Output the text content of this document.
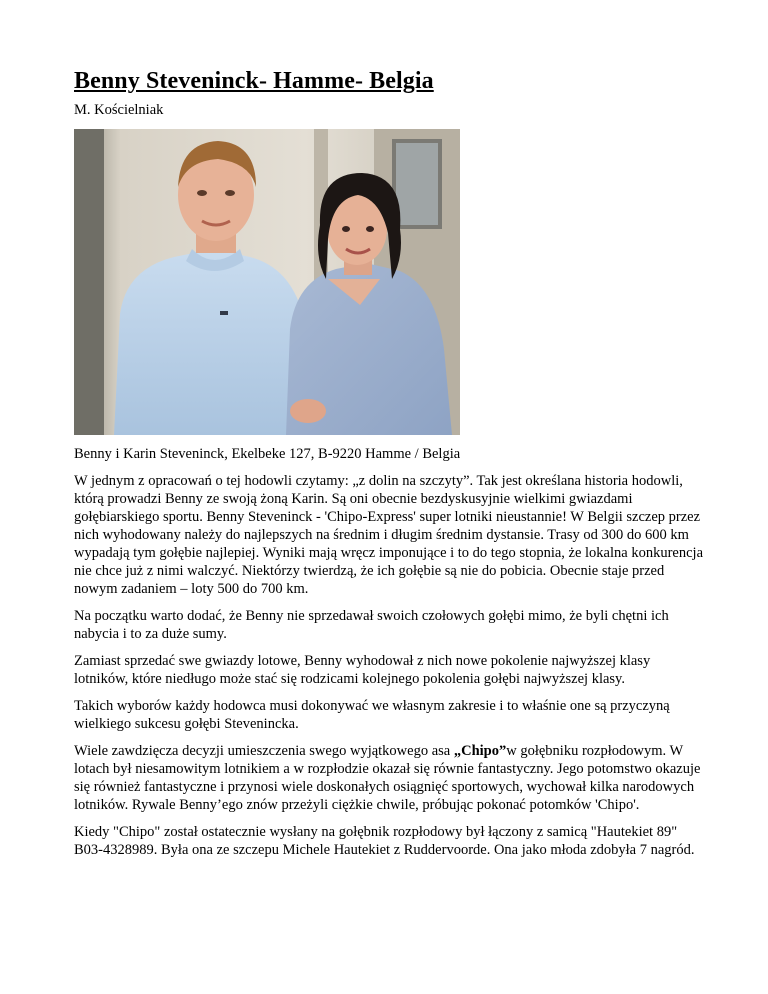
Benny Steveninck- Hamme- Belgia
M. Kościelniak
Benny i Karin Steveninck, Ekelbeke 127, B-9220 Hamme / Belgia

W jednym z opracowań o tej hodowli czytamy: „z dolin na szczyty”. Tak jest określana historia hodowli, którą prowadzi Benny ze swoją żoną Karin. Są oni obecnie bezdyskusyjnie wielkimi gwiazdami gołębiarskiego sportu. Benny Steveninck - 'Chipo-Express' super lotniki nieustannie! W Belgii szczep przez nich wyhodowany należy do najlepszych na średnim i długim średnim dystansie. Trasy od 300 do 600 km wypadają tym gołębie najlepiej. Wyniki mają wręcz imponujące i to do tego stopnia, że lokalna konkurencja nie chce już z nimi walczyć. Niektórzy twierdzą, że ich gołębie są nie do pobicia. Obecnie staje przed nowym zadaniem – loty 500 do 700 km.

Na początku warto dodać, że Benny nie sprzedawał swoich czołowych gołębi mimo, że byli chętni ich nabycia i to za duże sumy.

Zamiast sprzedać swe gwiazdy lotowe, Benny wyhodował z nich nowe pokolenie najwyższej klasy lotników, które niedługo może stać się rodzicami kolejnego pokolenia gołębi najwyższej klasy.

Takich wyborów każdy hodowca musi dokonywać we własnym zakresie i to właśnie one są przyczyną wielkiego sukcesu gołębi Stevenincka.

Wiele zawdzięcza decyzji umieszczenia swego wyjątkowego asa „Chipo”w gołębniku rozpłodowym. W lotach był niesamowitym lotnikiem a w rozpłodzie okazał się równie fantastyczny. Jego potomstwo okazuje się również fantastyczne i przynosi wiele doskonałych osiągnięć sportowych, wychował kilka narodowych lotników. Rywale Benny’ego znów przeżyli ciężkie chwile, próbując pokonać potomków 'Chipo'.

Kiedy "Chipo" został ostatecznie wysłany na gołębnik rozpłodowy był łączony z samicą "Hautekiet 89" B03-4328989. Była ona ze szczepu Michele Hautekiet z Ruddervoorde. Ona jako młoda zdobyła 7 nagród.
